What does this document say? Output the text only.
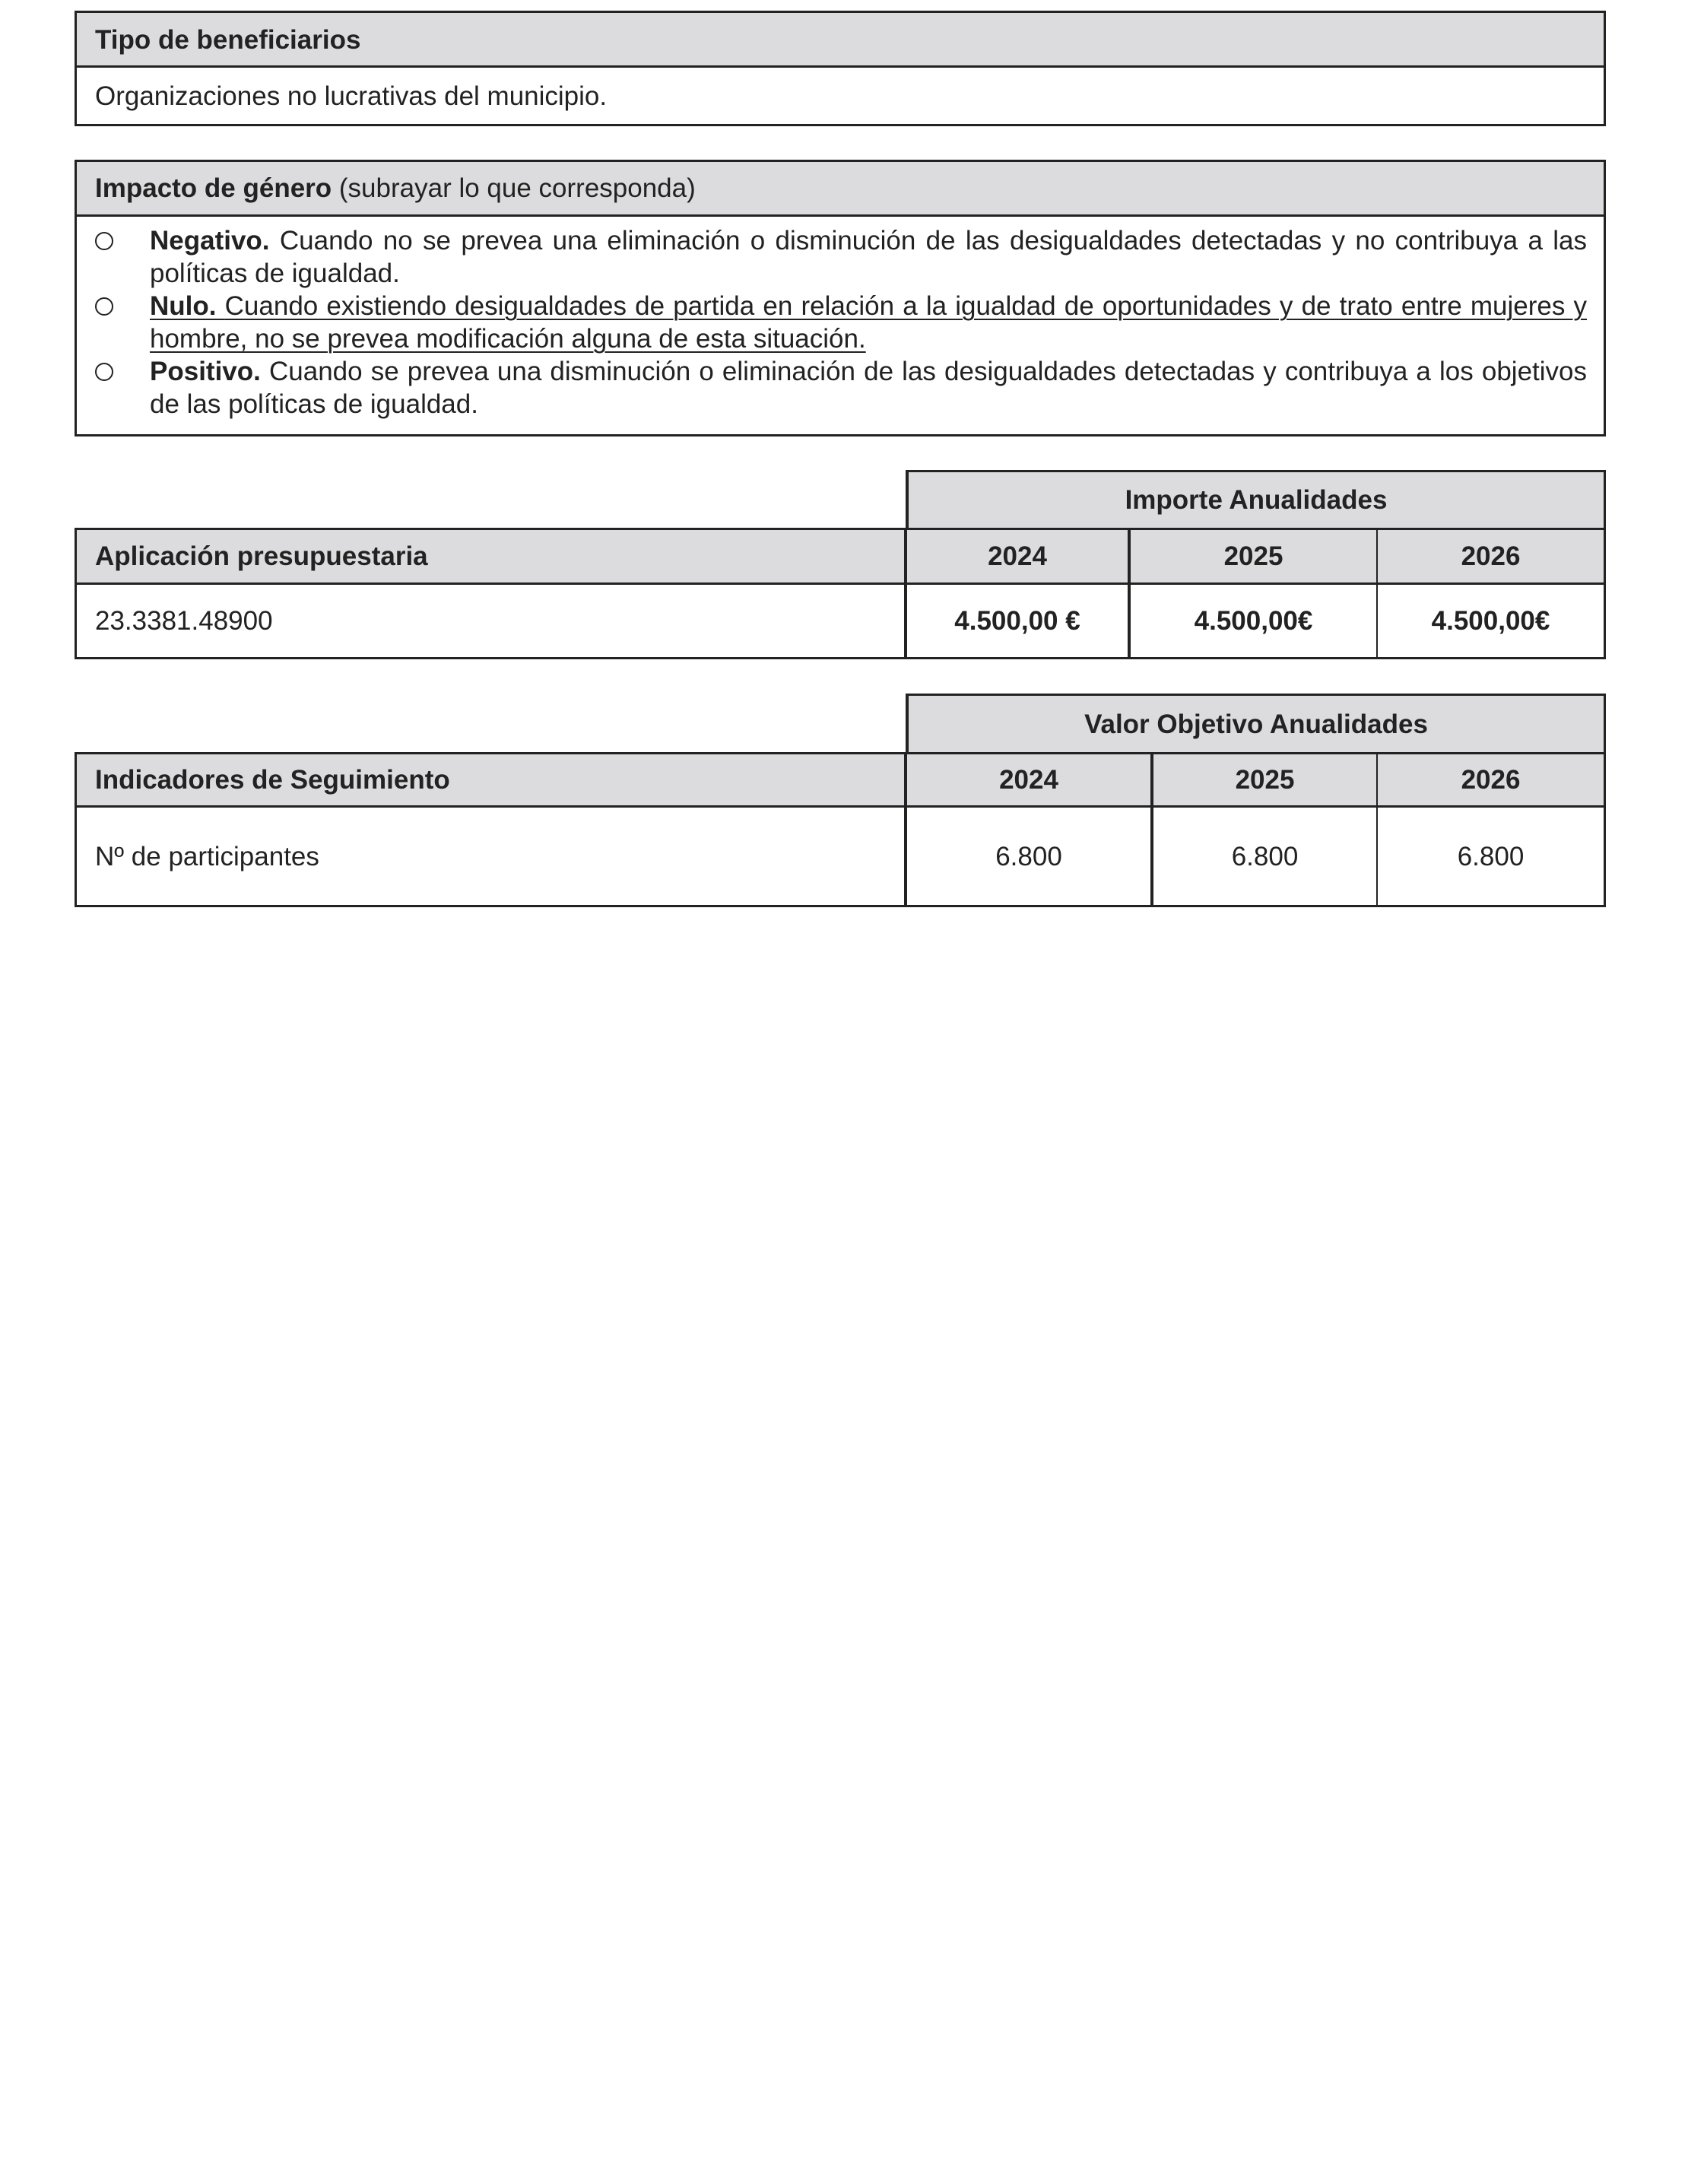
Tipo de beneficiarios
Organizaciones no lucrativas del municipio.
Impacto de género (subrayar lo que corresponda)
Negativo. Cuando no se prevea una eliminación o disminución de las desigualdades detectadas y no contribuya a las políticas de igualdad.
Nulo. Cuando existiendo desigualdades de partida en relación a la igualdad de oportunidades y de trato entre mujeres y hombre, no se prevea modificación alguna de esta situación.
Positivo. Cuando se prevea una disminución o eliminación de las desigualdades detectadas y contribuya a los objetivos de las políticas de igualdad.
Importe Anualidades
Aplicación presupuestaria	2024	2025	2026
23.3381.48900	4.500,00 €	4.500,00€	4.500,00€
Valor Objetivo Anualidades
Indicadores de Seguimiento	2024	2025	2026
Nº de participantes	6.800	6.800	6.800
